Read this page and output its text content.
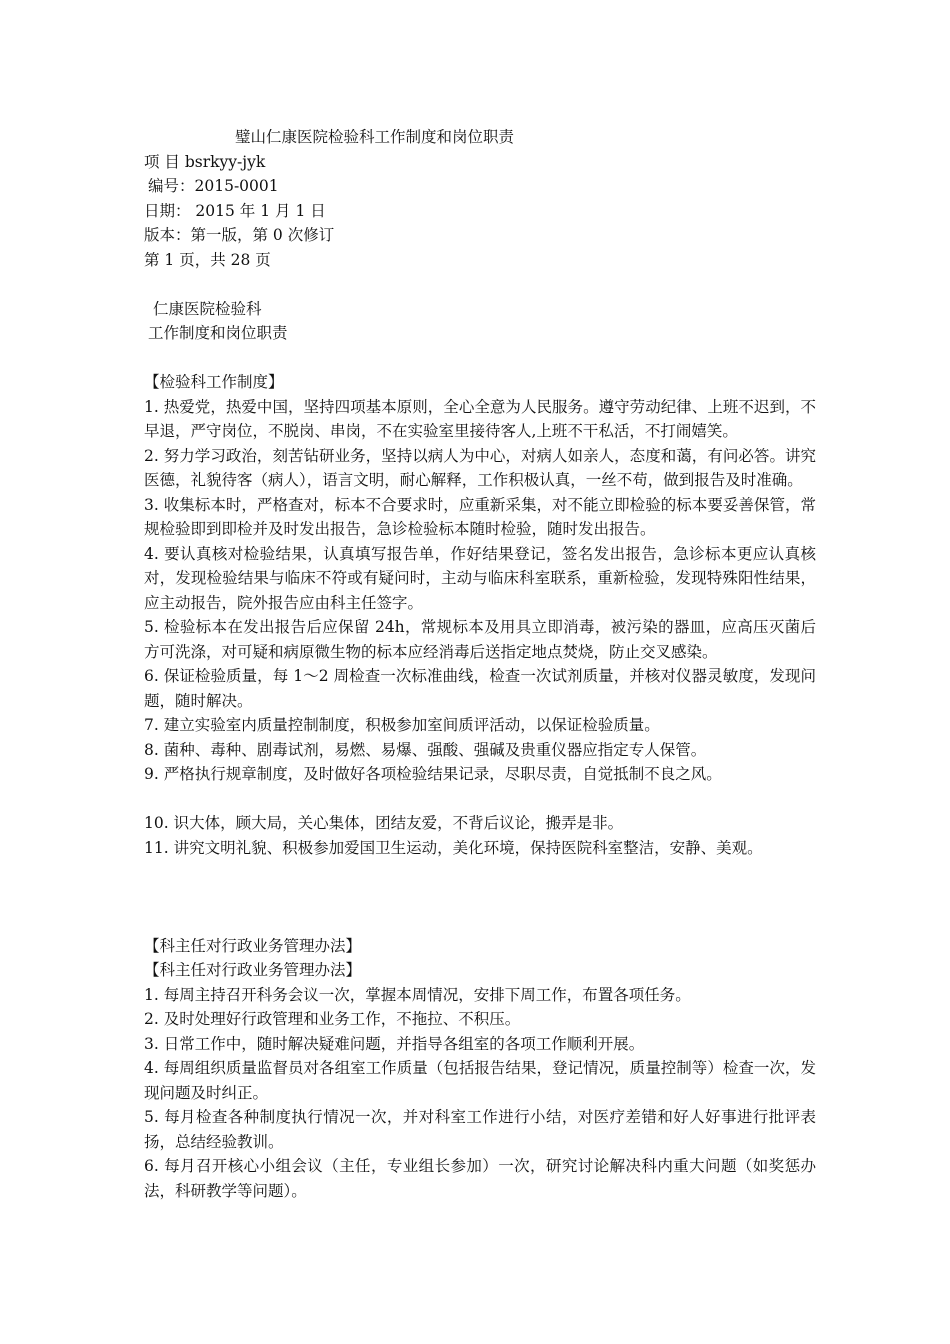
璧山仁康医院检验科工作制度和岗位职责
项 目 bsrkyy-jyk
编号：2015-0001
日期： 2015 年 1 月 1 日
版本：第一版，第 0 次修订
第 1 页，共 28 页
仁康医院检验科
工作制度和岗位职责
【检验科工作制度】
1. 热爱党，热爱中国，坚持四项基本原则，全心全意为人民服务。遵守劳动纪律、上班不迟到，不早退，严守岗位，不脱岗、串岗，不在实验室里接待客人,上班不干私活，不打闹嬉笑。
2. 努力学习政治，刻苦钻研业务，坚持以病人为中心，对病人如亲人，态度和蔼，有问必答。讲究医德，礼貌待客（病人），语言文明，耐心解释，工作积极认真，一丝不苟，做到报告及时准确。
3. 收集标本时，严格查对，标本不合要求时，应重新采集，对不能立即检验的标本要妥善保管，常规检验即到即检并及时发出报告，急诊检验标本随时检验，随时发出报告。
4. 要认真核对检验结果，认真填写报告单，作好结果登记，签名发出报告，急诊标本更应认真核对，发现检验结果与临床不符或有疑问时，主动与临床科室联系，重新检验，发现特殊阳性结果，应主动报告，院外报告应由科主任签字。
5. 检验标本在发出报告后应保留 24h，常规标本及用具立即消毒，被污染的器皿，应高压灭菌后方可洗涤，对可疑和病原微生物的标本应经消毒后送指定地点焚烧，防止交叉感染。
6. 保证检验质量，每 1～2 周检查一次标准曲线，检查一次试剂质量，并核对仪器灵敏度，发现问题，随时解决。
7. 建立实验室内质量控制制度，积极参加室间质评活动，以保证检验质量。
8. 菌种、毒种、剧毒试剂，易燃、易爆、强酸、强碱及贵重仪器应指定专人保管。
9. 严格执行规章制度，及时做好各项检验结果记录，尽职尽责，自觉抵制不良之风。
10. 识大体，顾大局，关心集体，团结友爱，不背后议论，搬弄是非。
11. 讲究文明礼貌、积极参加爱国卫生运动，美化环境，保持医院科室整洁，安静、美观。
【科主任对行政业务管理办法】
【科主任对行政业务管理办法】
1. 每周主持召开科务会议一次，掌握本周情况，安排下周工作，布置各项任务。
2. 及时处理好行政管理和业务工作，不拖拉、不积压。
3. 日常工作中，随时解决疑难问题，并指导各组室的各项工作顺利开展。
4. 每周组织质量监督员对各组室工作质量（包括报告结果，登记情况，质量控制等）检查一次，发现问题及时纠正。
5. 每月检查各种制度执行情况一次，并对科室工作进行小结，对医疗差错和好人好事进行批评表扬，总结经验教训。
6. 每月召开核心小组会议（主任，专业组长参加）一次，研究讨论解决科内重大问题（如奖惩办法，科研教学等问题）。
